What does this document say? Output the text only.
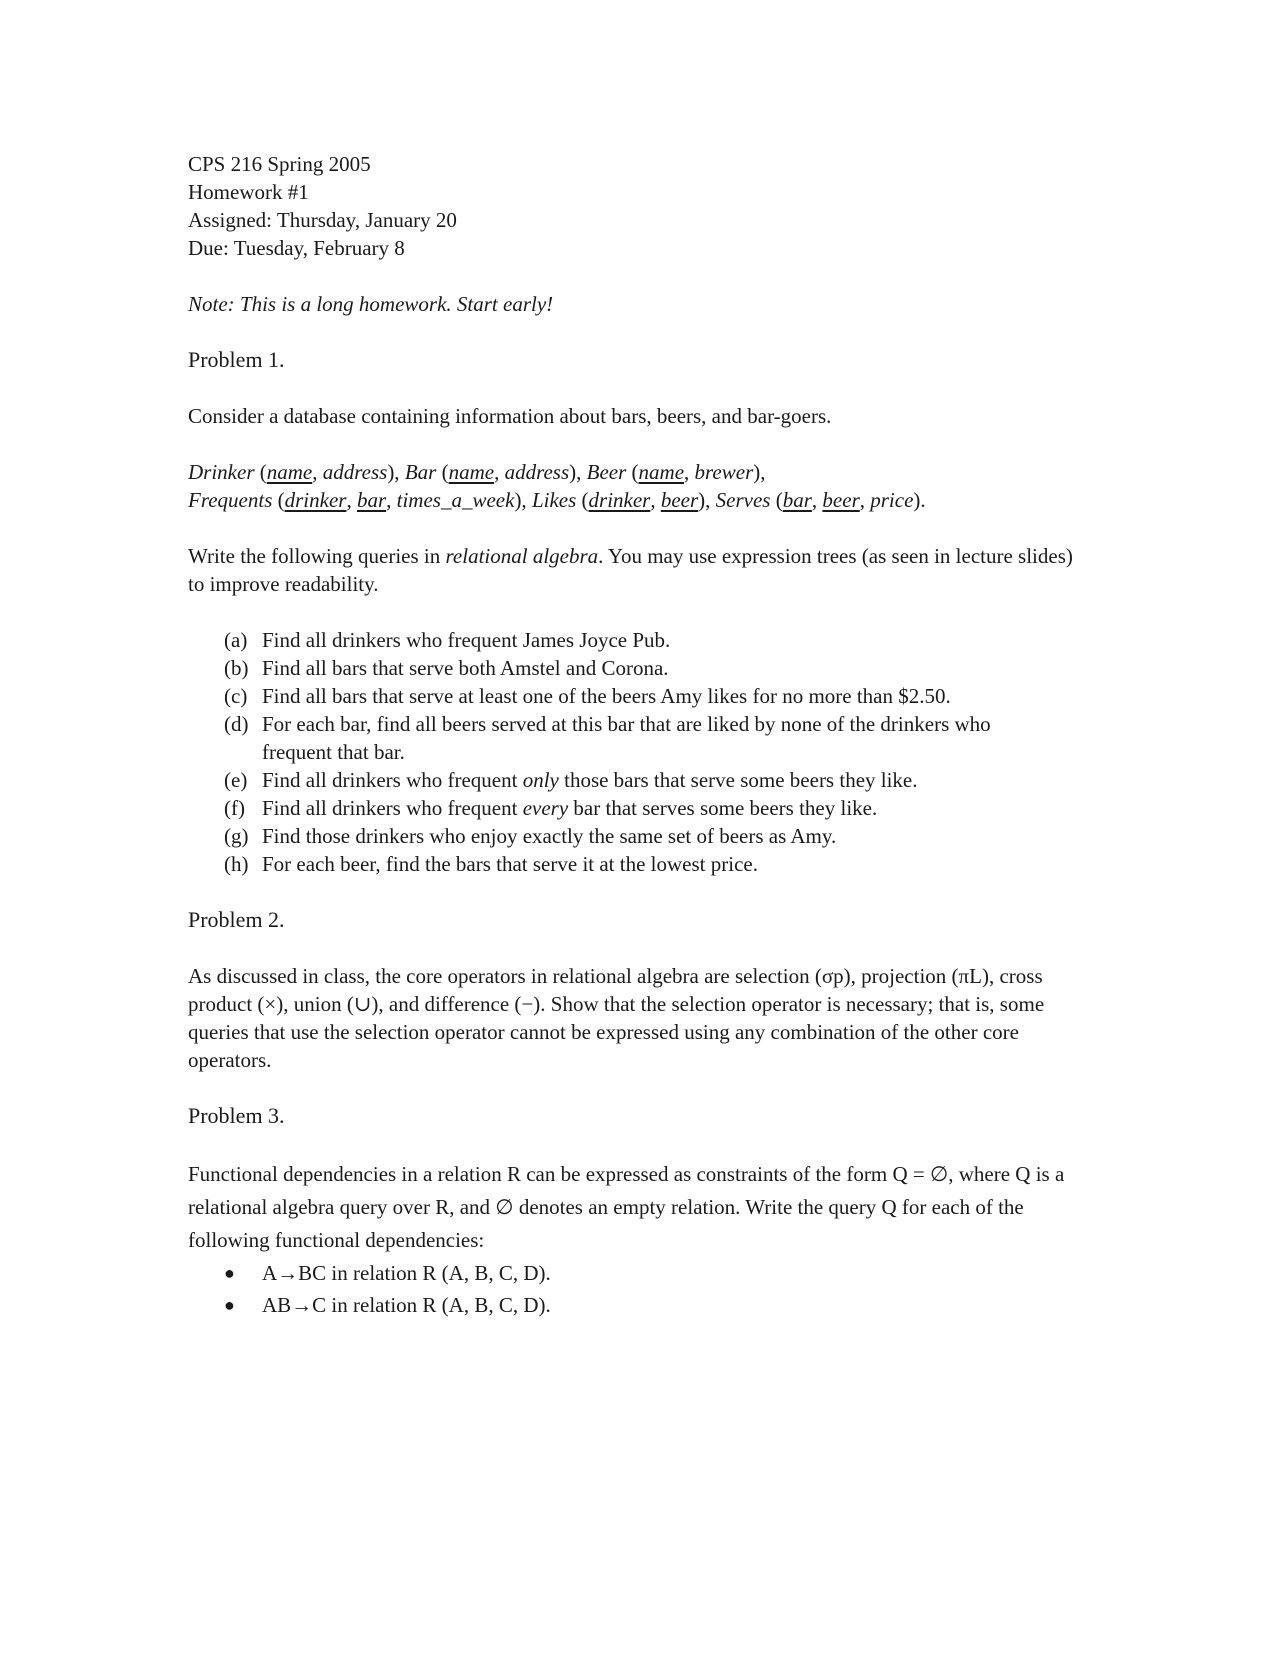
CPS 216 Spring 2005
Homework #1
Assigned: Thursday, January 20
Due: Tuesday, February 8
Note: This is a long homework. Start early!
Problem 1.
Consider a database containing information about bars, beers, and bar-goers.
Drinker (name, address), Bar (name, address), Beer (name, brewer),
Frequents (drinker, bar, times_a_week), Likes (drinker, beer), Serves (bar, beer, price).
Write the following queries in relational algebra. You may use expression trees (as seen in lecture slides) to improve readability.
(a) Find all drinkers who frequent James Joyce Pub.
(b) Find all bars that serve both Amstel and Corona.
(c) Find all bars that serve at least one of the beers Amy likes for no more than $2.50.
(d) For each bar, find all beers served at this bar that are liked by none of the drinkers who frequent that bar.
(e) Find all drinkers who frequent only those bars that serve some beers they like.
(f) Find all drinkers who frequent every bar that serves some beers they like.
(g) Find those drinkers who enjoy exactly the same set of beers as Amy.
(h) For each beer, find the bars that serve it at the lowest price.
Problem 2.
As discussed in class, the core operators in relational algebra are selection (σp), projection (πL), cross product (×), union (∪), and difference (−). Show that the selection operator is necessary; that is, some queries that use the selection operator cannot be expressed using any combination of the other core operators.
Problem 3.
Functional dependencies in a relation R can be expressed as constraints of the form Q = ∅, where Q is a relational algebra query over R, and ∅ denotes an empty relation. Write the query Q for each of the following functional dependencies:
●	A→BC in relation R (A, B, C, D).
●	AB→C in relation R (A, B, C, D).
